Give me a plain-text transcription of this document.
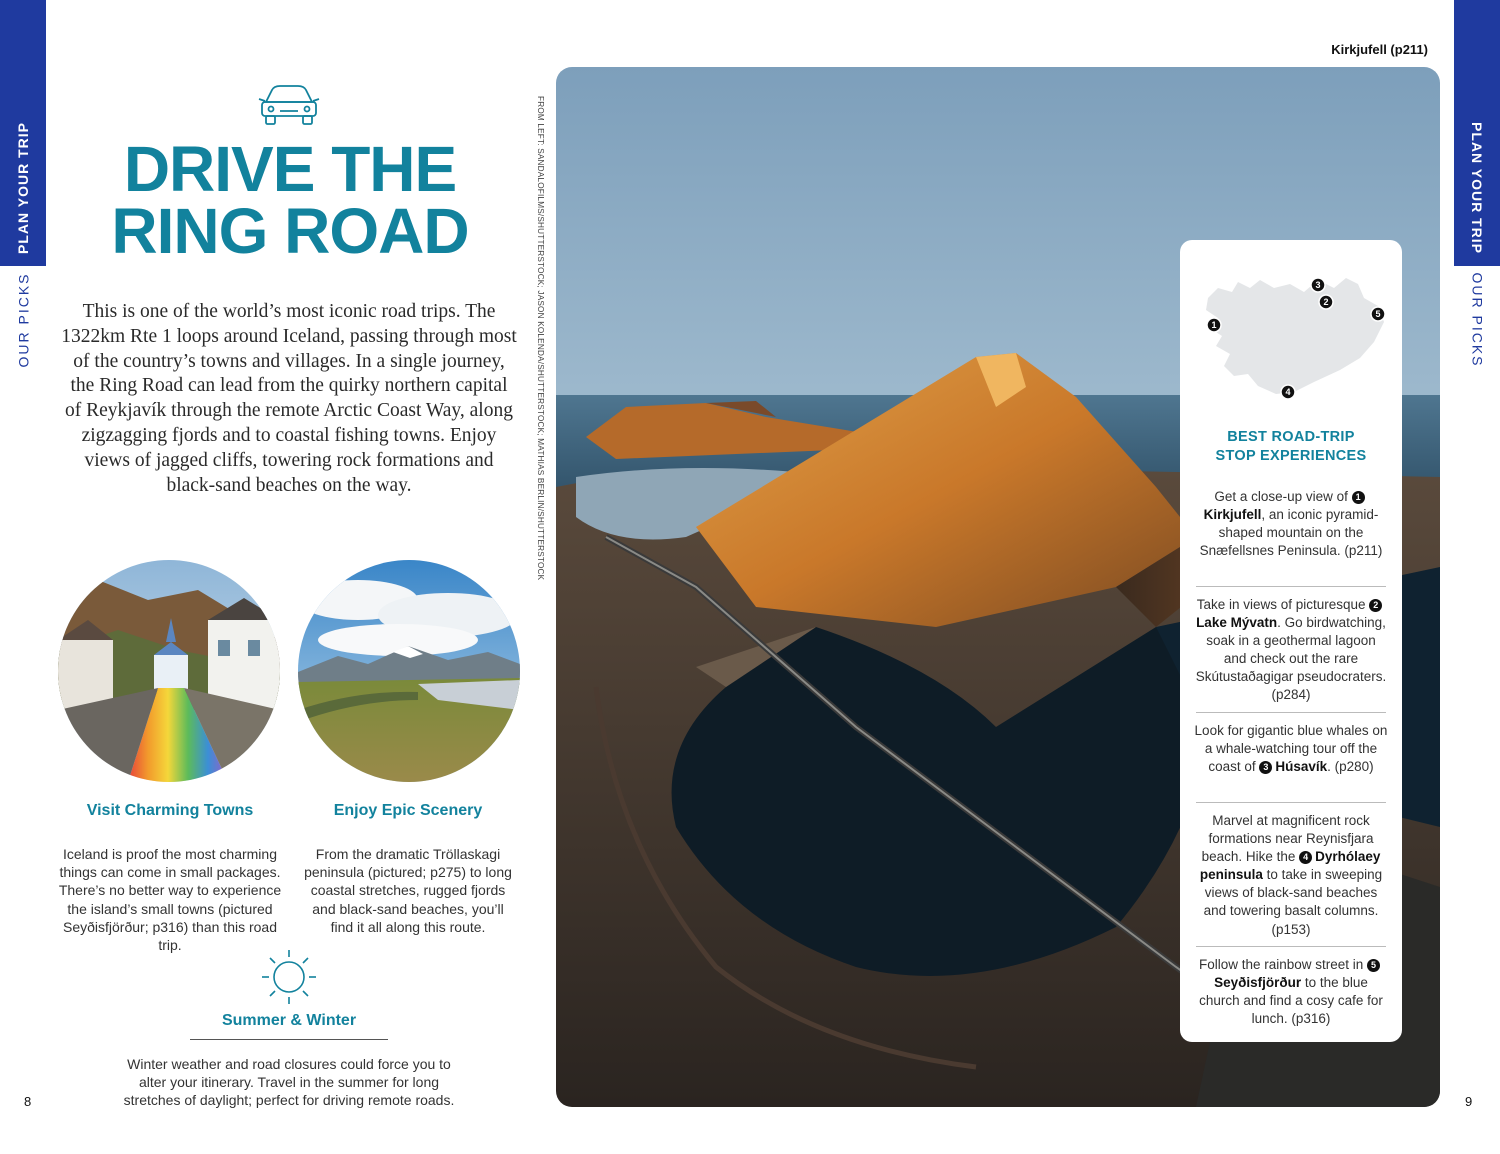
PLAN YOUR TRIP
OUR PICKS
8
DRIVE THE
RING ROAD
This is one of the world’s most iconic road trips. The 1322km Rte 1 loops around Iceland, passing through most of the country’s towns and villages. In a single journey, the Ring Road can lead from the quirky northern capital of Reykjavík through the remote Arctic Coast Way, along zigzagging fjords and to coastal fishing towns. Enjoy views of jagged cliffs, towering rock formations and black-sand beaches on the way.
Visit Charming Towns
Iceland is proof the most charming things can come in small packages. There’s no better way to experience the island’s small towns (pictured Seyðisfjörður; p316) than this road trip.
Enjoy Epic Scenery
From the dramatic Tröllaskagi peninsula (pictured; p275) to long coastal stretches, rugged fjords and black-sand beaches, you’ll find it all along this route.
Summer & Winter
Winter weather and road closures could force you to alter your itinerary. Travel in the summer for long stretches of daylight; perfect for driving remote roads.
FROM LEFT: SANDALOFILMS/SHUTTERSTOCK; JASON KOLENDA/SHUTTERSTOCK; MATHIAS BERLIN/SHUTTERSTOCK
Kirkjufell (p211)
PLAN YOUR TRIP
OUR PICKS
9
1
2
3
4
5
BEST ROAD-TRIP
STOP EXPERIENCES
Get a close-up view of 1Kirkjufell, an iconic pyramid-shaped mountain on the Snæfellsnes Peninsula. (p211)
Take in views of picturesque 2Lake Mývatn. Go birdwatching, soak in a geothermal lagoon and check out the rare Skútustaðagigar pseudocraters. (p284)
Look for gigantic blue whales on a whale-watching tour off the coast of 3 Húsavík. (p280)
Marvel at magnificent rock formations near Reynisfjara beach. Hike the 4 Dyrhólaey peninsula to take in sweeping views of black-sand beaches and towering basalt columns. (p153)
Follow the rainbow street in 5Seyðisfjörður to the blue church and find a cosy cafe for lunch. (p316)
